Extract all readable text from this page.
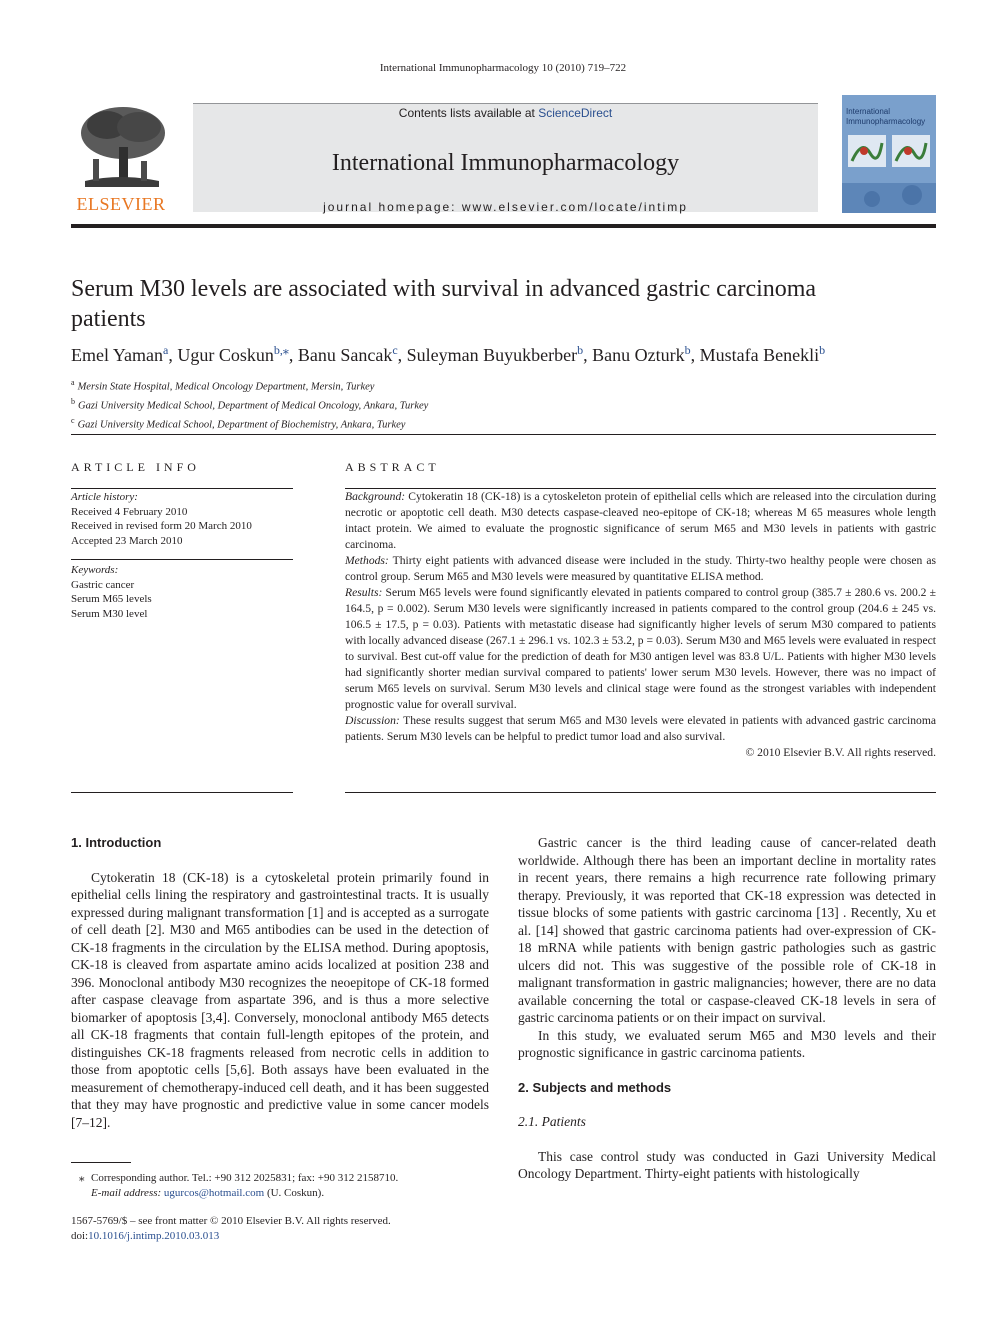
International Immunopharmacology 10 (2010) 719–722
ELSEVIER
Contents lists available at ScienceDirect
International Immunopharmacology
journal homepage: www.elsevier.com/locate/intimp
International
Immunopharmacology
Serum M30 levels are associated with survival in advanced gastric carcinoma patients
Emel Yaman$^a$, Ugur Coskun$^{b,⁎}$, Banu Sancak$^c$, Suleyman Buyukberber$^b$, Banu Ozturk$^b$, Mustafa Benekli$^b$
$^a$ Mersin State Hospital, Medical Oncology Department, Mersin, Turkey
$^b$ Gazi University Medical School, Department of Medical Oncology, Ankara, Turkey
$^c$ Gazi University Medical School, Department of Biochemistry, Ankara, Turkey
ARTICLE INFO
Article history:
Received 4 February 2010
Received in revised form 20 March 2010
Accepted 23 March 2010
Keywords:
Gastric cancer
Serum M65 levels
Serum M30 level
ABSTRACT

Background: Cytokeratin 18 (CK-18) is a cytoskeleton protein of epithelial cells which are released into the circulation during necrotic or apoptotic cell death. M30 detects caspase-cleaved neo-epitope of CK-18; whereas M 65 measures whole length intact protein. We aimed to evaluate the prognostic significance of serum M65 and M30 levels in patients with gastric carcinoma.

Methods: Thirty eight patients with advanced disease were included in the study. Thirty-two healthy people were chosen as control group. Serum M65 and M30 levels were measured by quantitative ELISA method.

Results: Serum M65 levels were found significantly elevated in patients compared to control group (385.7 ± 280.6 vs. 200.2 ± 164.5, p = 0.002). Serum M30 levels were significantly increased in patients compared to the control group (204.6 ± 245 vs. 106.5 ± 17.5, p = 0.03). Patients with metastatic disease had significantly higher levels of serum M30 compared to patients with locally advanced disease (267.1 ± 296.1 vs. 102.3 ± 53.2, p = 0.03). Serum M30 and M65 levels were evaluated in respect to survival. Best cut-off value for the prediction of death for M30 antigen level was 83.8 U/L. Patients with higher M30 levels had significantly shorter median survival compared to patients' lower serum M30 levels. However, there was no impact of serum M65 levels on survival. Serum M30 levels and clinical stage were found as the strongest variables with independent prognostic value for overall survival.

Discussion: These results suggest that serum M65 and M30 levels were elevated in patients with advanced gastric carcinoma patients. Serum M30 levels can be helpful to predict tumor load and also survival.

© 2010 Elsevier B.V. All rights reserved.

1. Introduction

Cytokeratin 18 (CK-18) is a cytoskeletal protein primarily found in epithelial cells lining the respiratory and gastrointestinal tracts. It is usually expressed during malignant transformation [1] and is accepted as a surrogate of cell death [2]. M30 and M65 antibodies can be used in the detection of CK-18 fragments in the circulation by the ELISA method. During apoptosis, CK-18 is cleaved from aspartate amino acids localized at position 238 and 396. Monoclonal antibody M30 recognizes the neoepitope of CK-18 formed after caspase cleavage from aspartate 396, and is thus a more selective biomarker of apoptosis [3,4]. Conversely, monoclonal antibody M65 detects all CK-18 fragments that contain full-length epitopes of the protein, and distinguishes CK-18 fragments released from necrotic cells in addition to those from apoptotic cells [5,6]. Both assays have been evaluated in the measurement of chemotherapy-induced cell death, and it has been suggested that they may have prognostic and predictive value in some cancer models [7–12].

Gastric cancer is the third leading cause of cancer-related death worldwide. Although there has been an important decline in mortality rates in recent years, there remains a high recurrence rate following primary therapy. Previously, it was reported that CK-18 expression was detected in tissue blocks of some patients with gastric carcinoma [13] . Recently, Xu et al. [14] showed that gastric carcinoma patients had over-expression of CK-18 mRNA while patients with benign gastric pathologies such as gastric ulcers did not. This was suggestive of the possible role of CK-18 in malignant transformation in gastric malignancies; however, there are no data available concerning the total or caspase-cleaved CK-18 levels in sera of gastric carcinoma patients or on their impact on survival.

In this study, we evaluated serum M65 and M30 levels and their prognostic significance in gastric carcinoma patients.

2. Subjects and methods

2.1. Patients

This case control study was conducted in Gazi University Medical Oncology Department. Thirty-eight patients with histologically

⁎ Corresponding author. Tel.: +90 312 2025831; fax: +90 312 2158710.
E-mail address: ugurcos@hotmail.com (U. Coskun).
1567-5769/$ – see front matter © 2010 Elsevier B.V. All rights reserved.
doi:10.1016/j.intimp.2010.03.013
